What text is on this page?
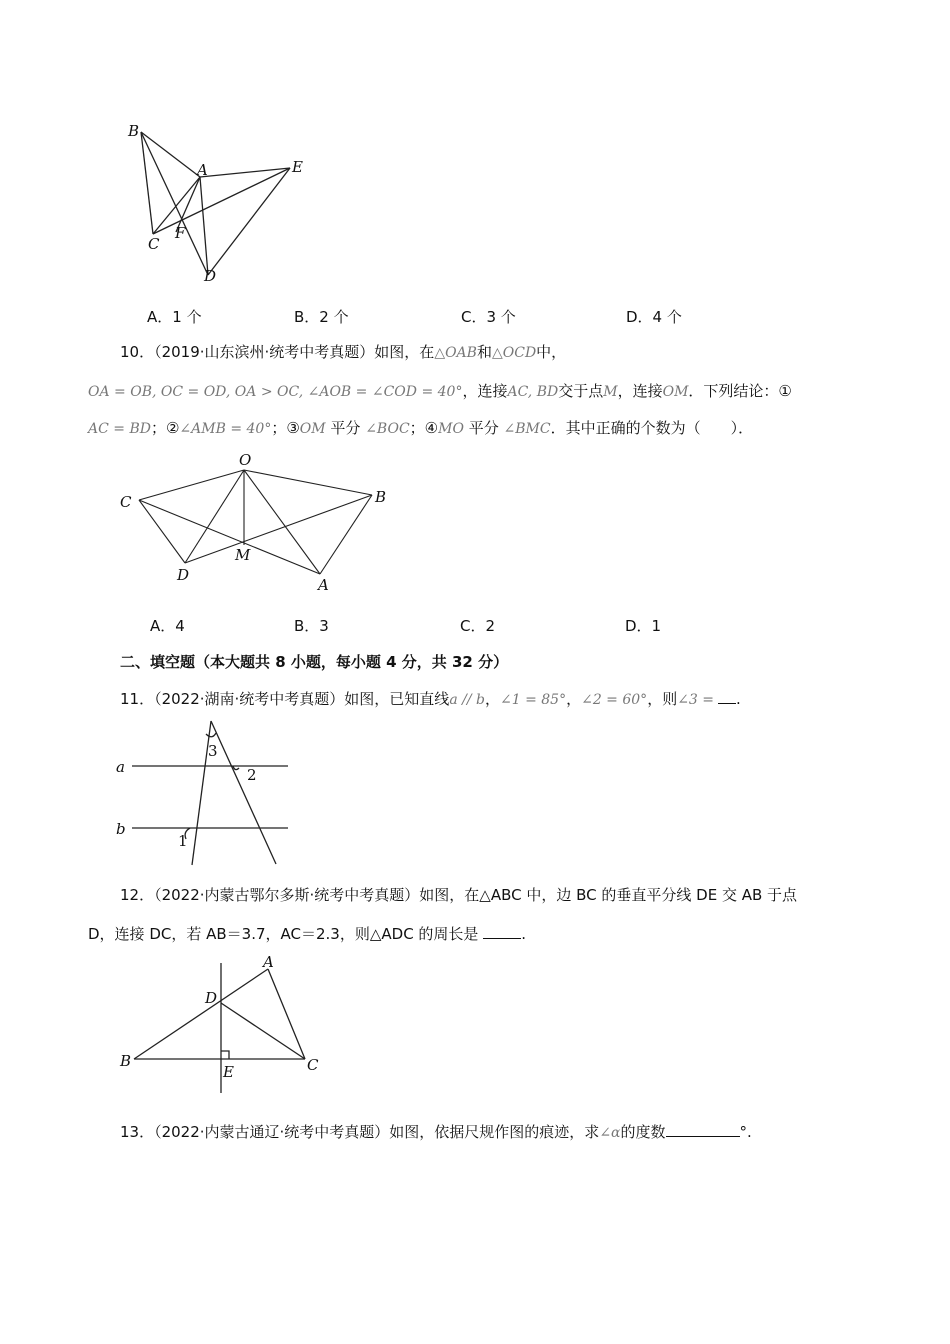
B
A	E
C
F
D
A．1 个	B．2 个	C．3 个	D．4 个
10．（2019·山东滨州·统考中考真题）如图，在△OAB和△OCD中，
OA = OB, OC = OD, OA > OC, ∠AOB = ∠COD = 40°，连接AC, BD交于点M，连接OM．下列结论：①
AC = BD；②∠AMB = 40°；③OM 平分 ∠BOC；④MO 平分 ∠BMC．其中正确的个数为（　　）．
O
C	B
M
D
A
A．4	B．3	C．2	D．1
二、填空题（本大题共 8 小题，每小题 4 分，共 32 分）
11．（2022·湖南·统考中考真题）如图，已知直线a // b，∠1 = 85°，∠2 = 60°，则∠3 = .
a
b
3
2
1
12．（2022·内蒙古鄂尔多斯·统考中考真题）如图，在△ABC 中，边 BC 的垂直平分线 DE 交 AB 于点
D，连接 DC，若 AB＝3.7，AC＝2.3，则△ADC 的周长是	.
A
D
B
E	C
13．（2022·内蒙古通辽·统考中考真题）如图，依据尺规作图的痕迹，求∠α的度数	°.
